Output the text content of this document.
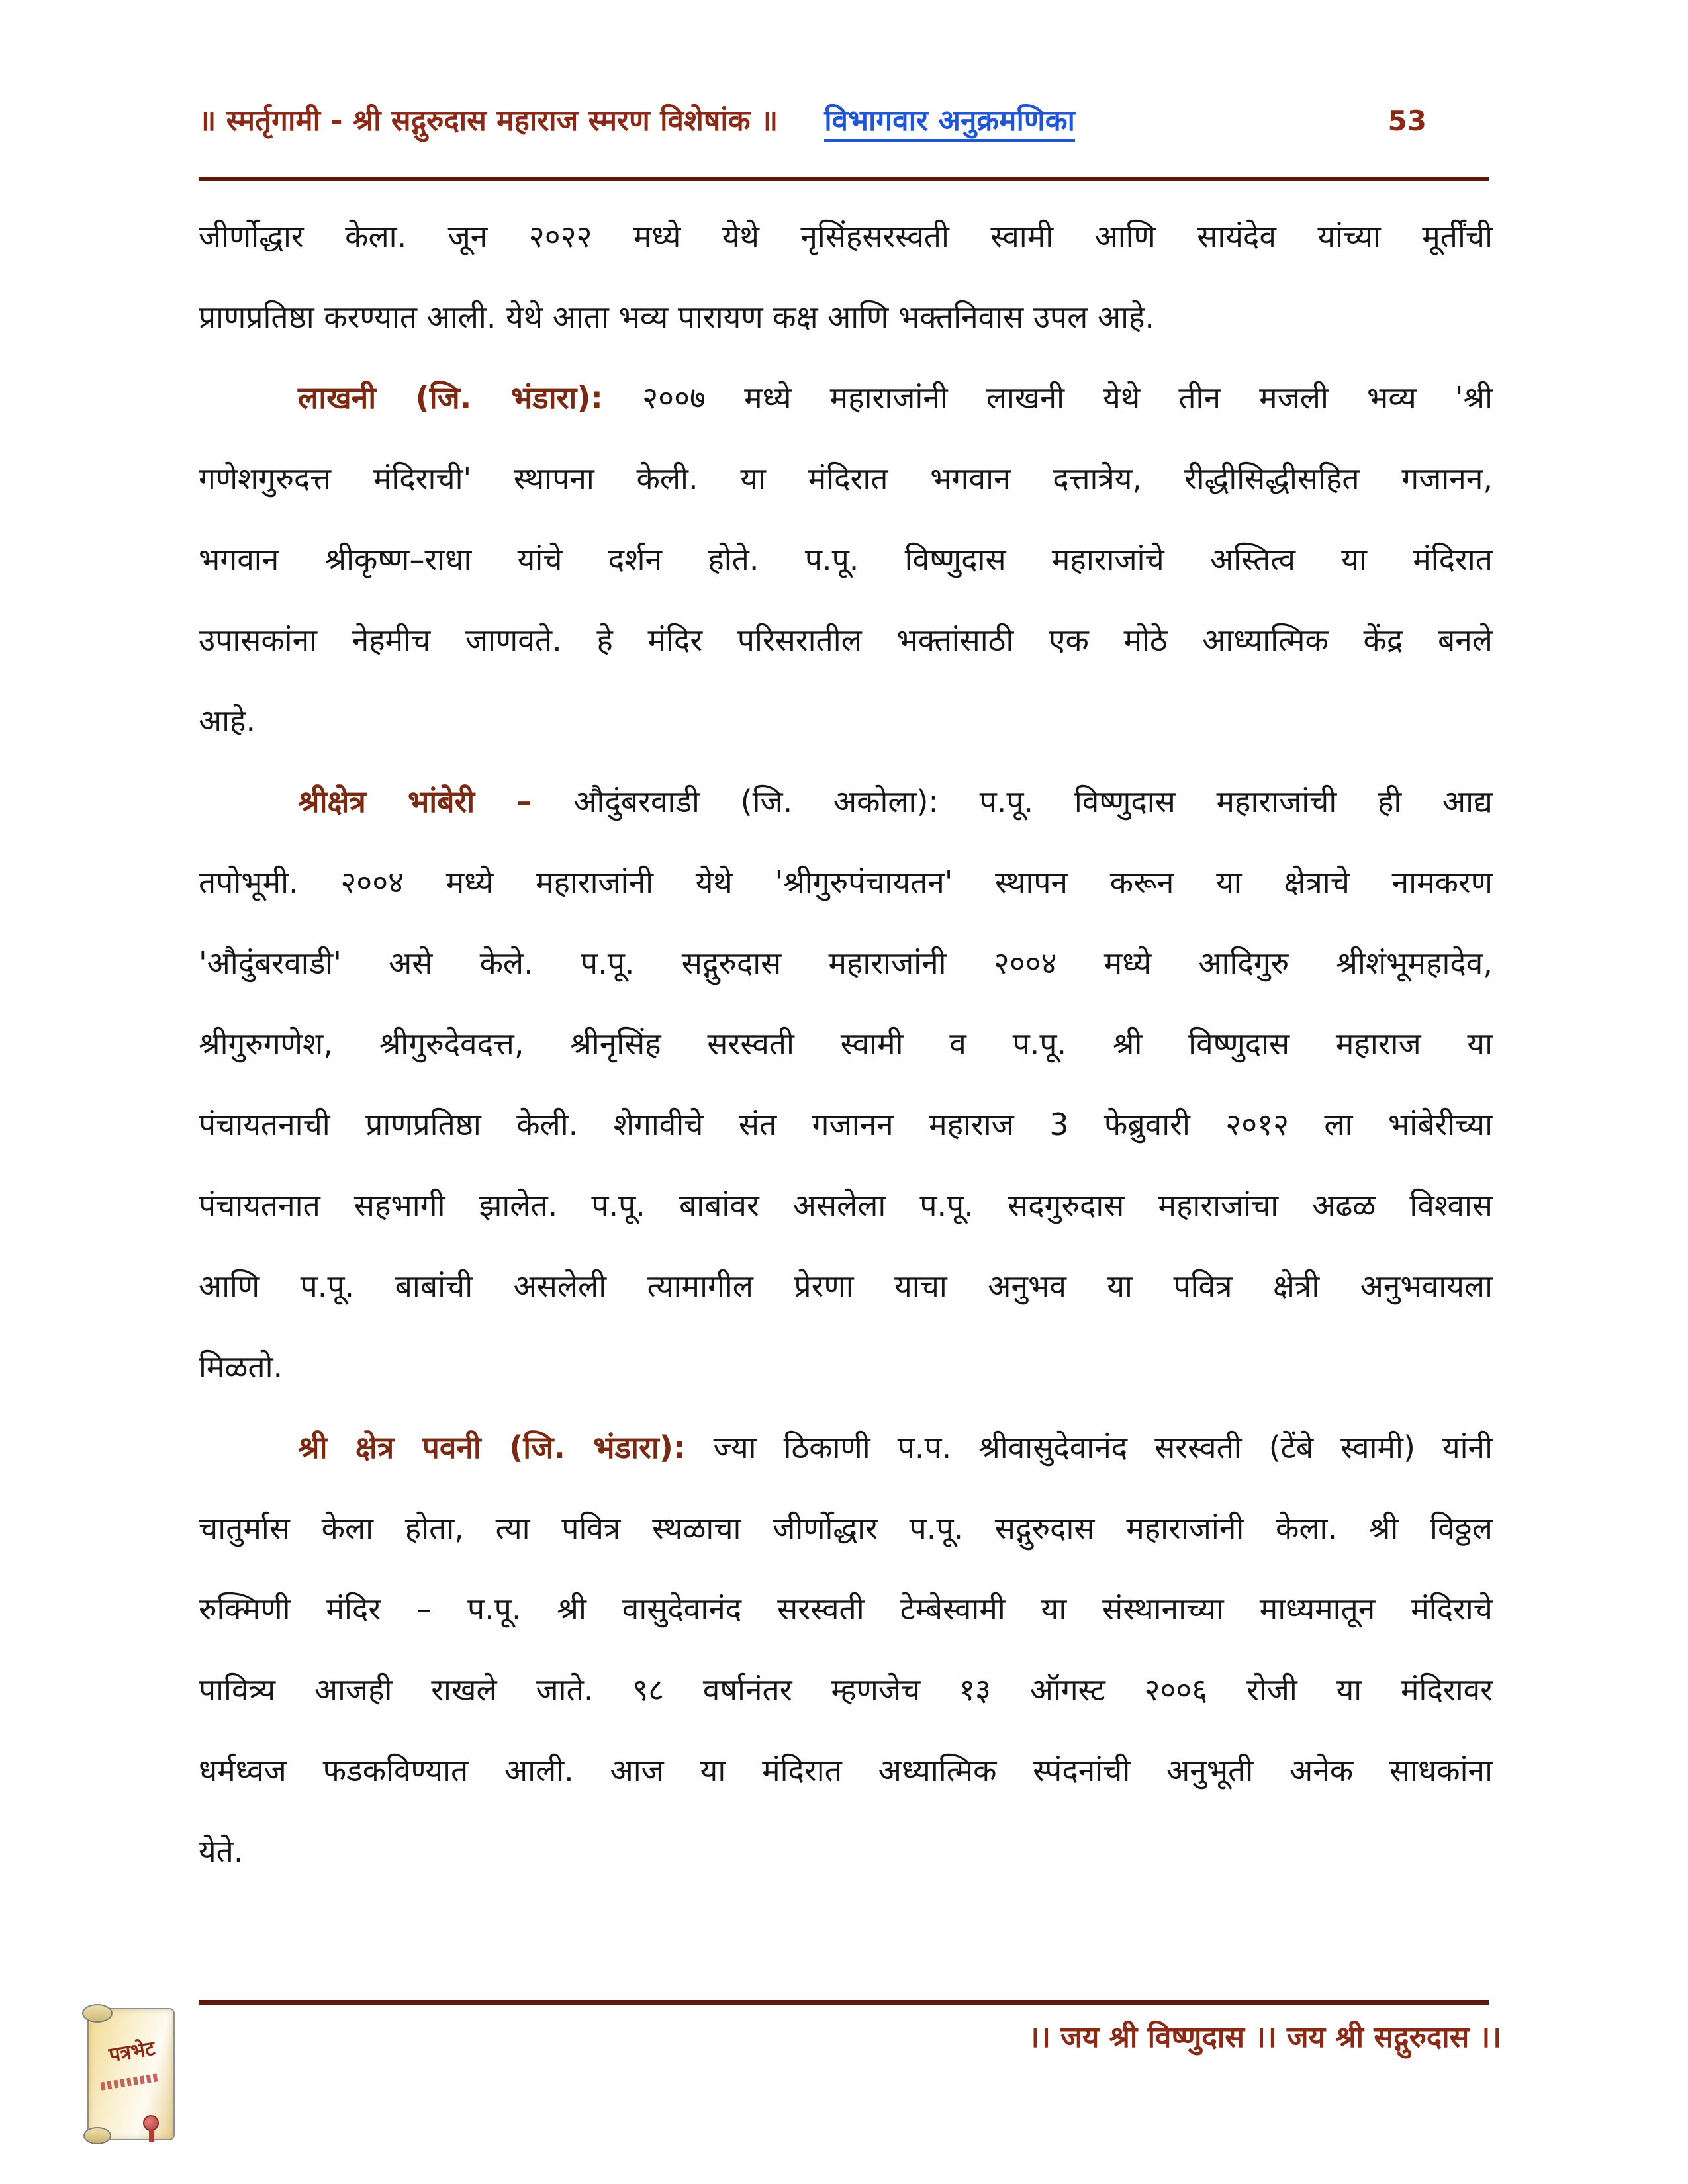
॥ स्मर्तृगामी - श्री सद्गुरुदास महाराज स्मरण विशेषांक ॥ विभागवार अनुक्रमणिका	53
जीर्णोद्धार केला. जून २०२२ मध्ये येथे नृसिंहसरस्वती स्वामी आणि सायंदेव यांच्या मूर्तींची
प्राणप्रतिष्ठा करण्यात आली. येथे आता भव्य पारायण कक्ष आणि भक्तनिवास उपल आहे.
लाखनी (जि. भंडारा): २००७ मध्ये महाराजांनी लाखनी येथे तीन मजली भव्य 'श्री
गणेशगुरुदत्त मंदिराची' स्थापना केली. या मंदिरात भगवान दत्तात्रेय, रीद्धीसिद्धीसहित गजानन,
भगवान श्रीकृष्ण–राधा यांचे दर्शन होते. प.पू. विष्णुदास महाराजांचे अस्तित्व या मंदिरात
उपासकांना नेहमीच जाणवते. हे मंदिर परिसरातील भक्तांसाठी एक मोठे आध्यात्मिक केंद्र बनले
आहे.
श्रीक्षेत्र भांबेरी – औदुंबरवाडी (जि. अकोला): प.पू. विष्णुदास महाराजांची ही आद्य
तपोभूमी. २००४ मध्ये महाराजांनी येथे 'श्रीगुरुपंचायतन' स्थापन करून या क्षेत्राचे नामकरण
'औदुंबरवाडी' असे केले. प.पू. सद्गुरुदास महाराजांनी २००४ मध्ये आदिगुरु श्रीशंभूमहादेव,
श्रीगुरुगणेश, श्रीगुरुदेवदत्त, श्रीनृसिंह सरस्वती स्वामी व प.पू. श्री विष्णुदास महाराज या
पंचायतनाची प्राणप्रतिष्ठा केली. शेगावीचे संत गजानन महाराज 3 फेब्रुवारी २०१२ ला भांबेरीच्या
पंचायतनात सहभागी झालेत. प.पू. बाबांवर असलेला प.पू. सदगुरुदास महाराजांचा अढळ विश्वास
आणि प.पू. बाबांची असलेली त्यामागील प्रेरणा याचा अनुभव या पवित्र क्षेत्री अनुभवायला
मिळतो.
श्री क्षेत्र पवनी (जि. भंडारा): ज्या ठिकाणी प.प. श्रीवासुदेवानंद सरस्वती (टेंबे स्वामी) यांनी
चातुर्मास केला होता, त्या पवित्र स्थळाचा जीर्णोद्धार प.पू. सद्गुरुदास महाराजांनी केला. श्री विठ्ठल
रुक्मिणी मंदिर – प.पू. श्री वासुदेवानंद सरस्वती टेम्बेस्वामी या संस्थानाच्या माध्यमातून मंदिराचे
पावित्र्य आजही राखले जाते. ९८ वर्षानंतर म्हणजेच १३ ऑगस्ट २००६ रोजी या मंदिरावर
धर्मध्वज फडकविण्यात आली. आज या मंदिरात अध्यात्मिक स्पंदनांची अनुभूती अनेक साधकांना
येते.
।। जय श्री विष्णुदास ।। जय श्री सद्गुरुदास ।।
पत्रभेट
